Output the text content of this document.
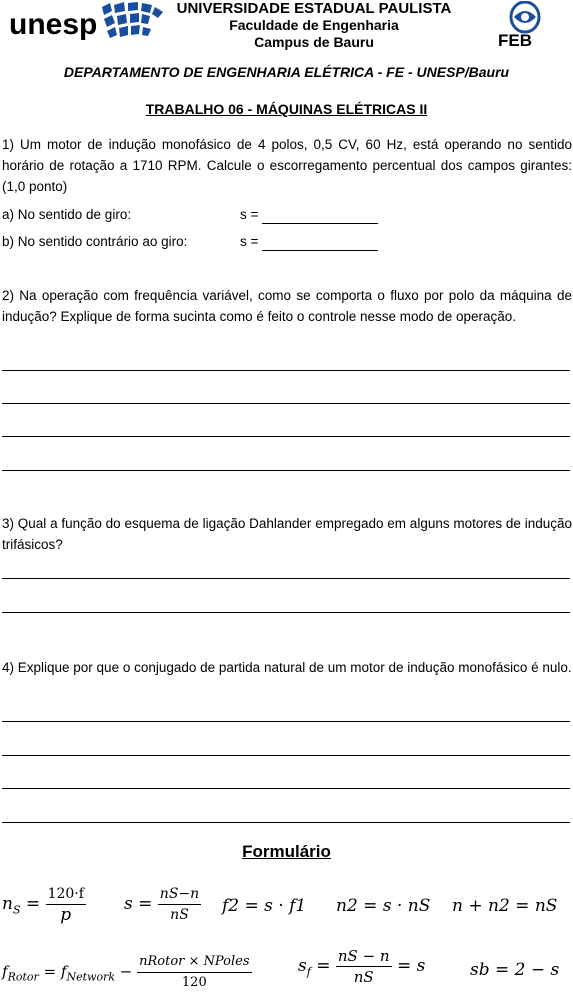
unesp	UNIVERSIDADE ESTADUAL PAULISTA
Faculdade de Engenharia
Campus de Bauru	FEB
DEPARTAMENTO DE ENGENHARIA ELÉTRICA - FE - UNESP/Bauru
TRABALHO 06 - MÁQUINAS ELÉTRICAS II
1) Um motor de indução monofásico de 4 polos, 0,5 CV, 60 Hz, está operando no sentido horário de rotação a 1710 RPM. Calcule o escorregamento percentual dos campos girantes: (1,0 ponto)
a) No sentido de giro:	s =
b) No sentido contrário ao giro:	s =
2) Na operação com frequência variável, como se comporta o fluxo por polo da máquina de indução? Explique de forma sucinta como é feito o controle nesse modo de operação.
3) Qual a função do esquema de ligação Dahlander empregado em alguns motores de indução trifásicos?
4) Explique por que o conjugado de partida natural de um motor de indução monofásico é nulo.
Formulário
$n_S = \frac{120\cdot f}{p}$ $s = \frac{nS-n}{nS} f2 = s \cdot f1$ n2 = s · nS n + n2 = nS
$f_{Rotor} = f_{Network} - \frac{\text{nRotor × NPoles}}{120}$	$s_f = \frac{nS - n}{nS} = s$	sb = 2 − s
